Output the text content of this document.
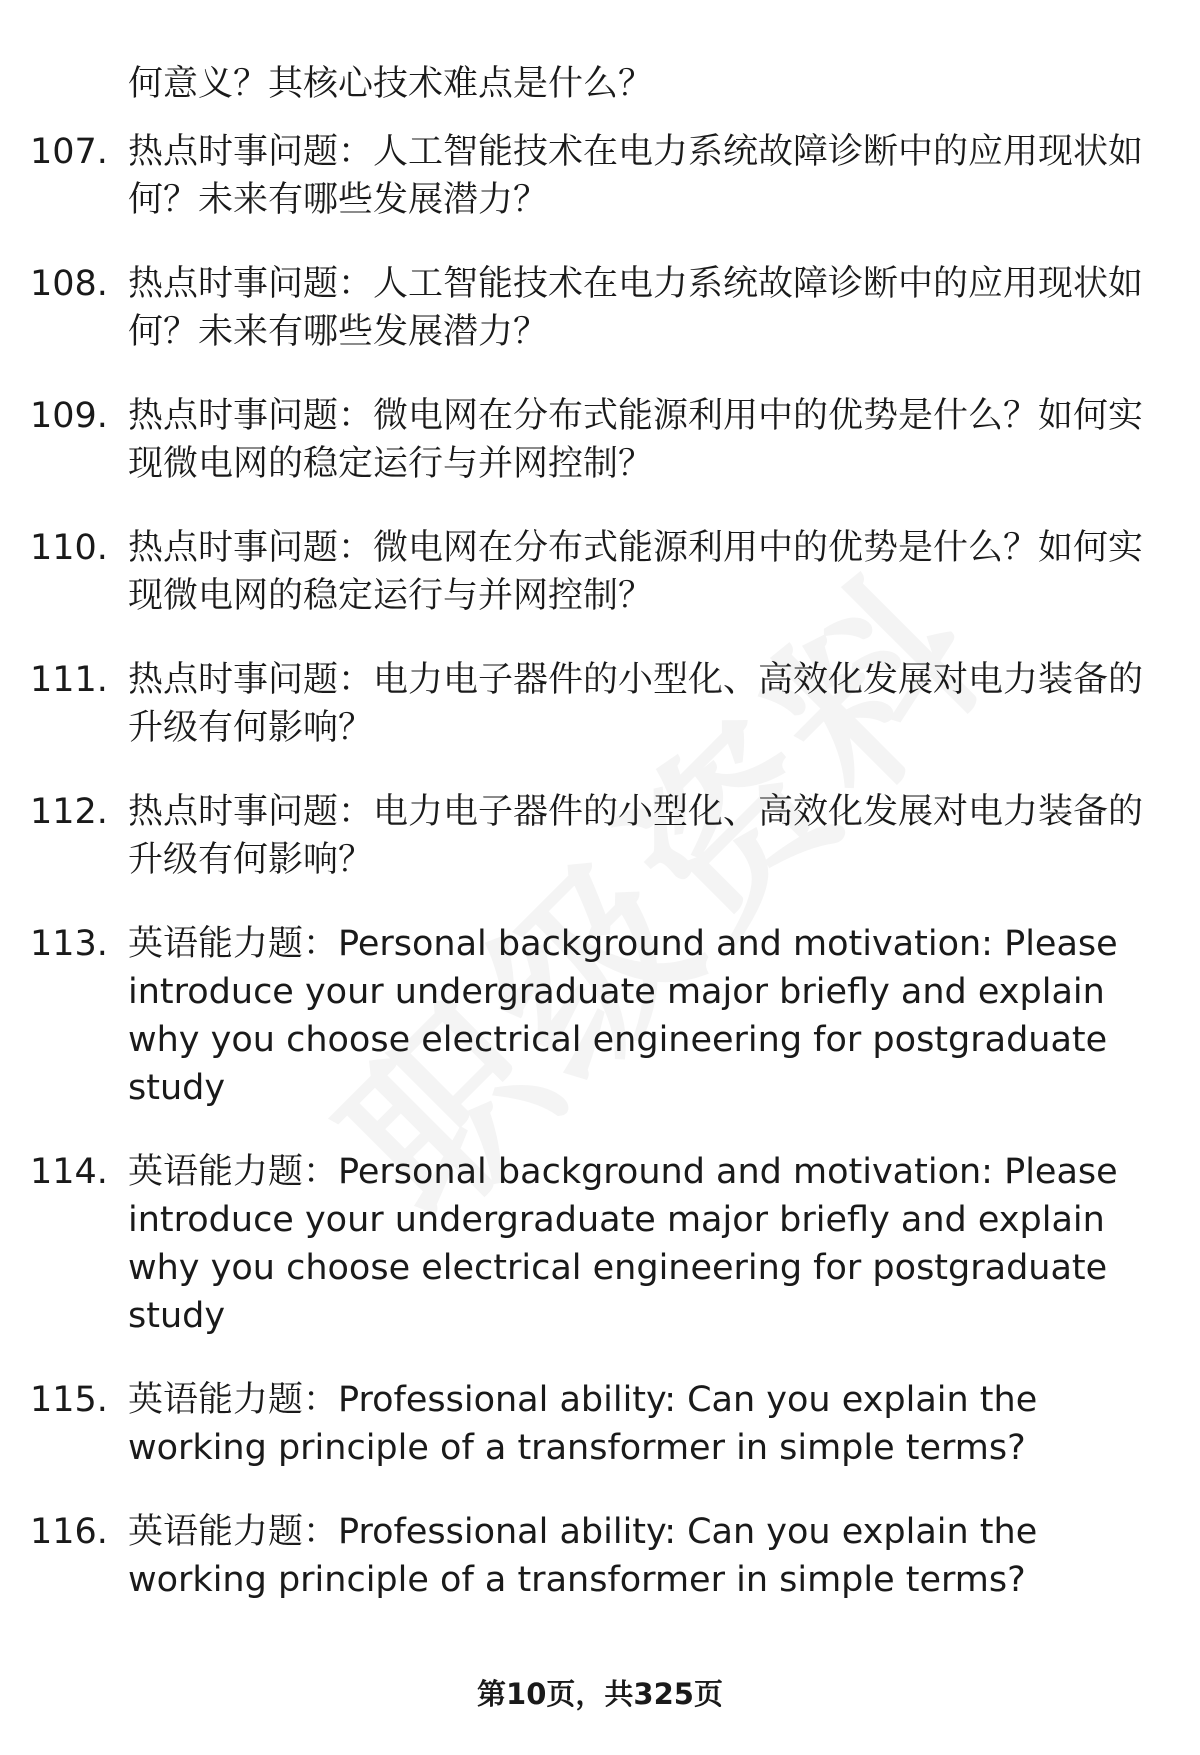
何意义？其核心技术难点是什么？
107. 热点时事问题：人工智能技术在电力系统故障诊断中的应用现状如何？未来有哪些发展潜力？
108. 热点时事问题：人工智能技术在电力系统故障诊断中的应用现状如何？未来有哪些发展潜力？
109. 热点时事问题：微电网在分布式能源利用中的优势是什么？如何实现微电网的稳定运行与并网控制？
110. 热点时事问题：微电网在分布式能源利用中的优势是什么？如何实现微电网的稳定运行与并网控制？
111. 热点时事问题：电力电子器件的小型化、高效化发展对电力装备的升级有何影响？
112. 热点时事问题：电力电子器件的小型化、高效化发展对电力装备的升级有何影响？
113. 英语能力题：Personal background and motivation: Please introduce your undergraduate major briefly and explain why you choose electrical engineering for postgraduate study
114. 英语能力题：Personal background and motivation: Please introduce your undergraduate major briefly and explain why you choose electrical engineering for postgraduate study
115. 英语能力题：Professional ability: Can you explain the working principle of a transformer in simple terms?
116. 英语能力题：Professional ability: Can you explain the working principle of a transformer in simple terms?
第10页，共325页
